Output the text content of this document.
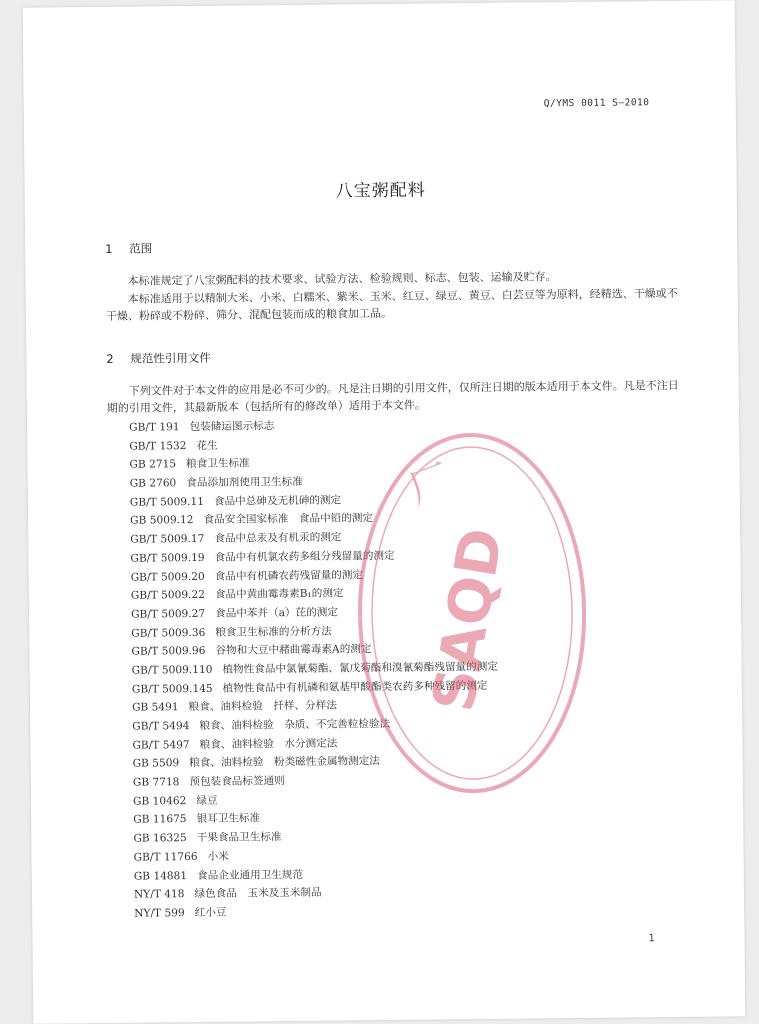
Q/YMS 0011 S—2010
八宝粥配料
1 范围
本标准规定了八宝粥配料的技术要求、试验方法、检验规则、标志、包装、运输及贮存。
本标准适用于以精制大米、小米、白糯米、紫米、玉米、红豆、绿豆、黄豆、白芸豆等为原料，经精选、干燥或不干燥、粉碎或不粉碎、筛分、混配包装而成的粮食加工品。
2 规范性引用文件
下列文件对于本文件的应用是必不可少的。凡是注日期的引用文件，仅所注日期的版本适用于本文件。凡是不注日期的引用文件，其最新版本（包括所有的修改单）适用于本文件。
GB/T 191 包装储运图示标志
GB/T 1532 花生
GB 2715 粮食卫生标准
GB 2760 食品添加剂使用卫生标准
GB/T 5009.11 食品中总砷及无机砷的测定
GB 5009.12 食品安全国家标准　食品中铅的测定
GB/T 5009.17 食品中总汞及有机汞的测定
GB/T 5009.19 食品中有机氯农药多组分残留量的测定
GB/T 5009.20 食品中有机磷农药残留量的测定
GB/T 5009.22 食品中黄曲霉毒素B₁的测定
GB/T 5009.27 食品中苯并（a）芘的测定
GB/T 5009.36 粮食卫生标准的分析方法
GB/T 5009.96 谷物和大豆中赭曲霉毒素A的测定
GB/T 5009.110 植物性食品中氯氰菊酯、氰戊菊酯和溴氰菊酯残留量的测定
GB/T 5009.145 植物性食品中有机磷和氨基甲酸酯类农药多种残留的测定
GB 5491 粮食、油料检验　扦样、分样法
GB/T 5494 粮食、油料检验　杂质、不完善粒检验法
GB/T 5497 粮食、油料检验　水分测定法
GB 5509 粮食、油料检验　粉类磁性金属物测定法
GB 7718 预包装食品标签通则
GB 10462 绿豆
GB 11675 银耳卫生标准
GB 16325 干果食品卫生标准
GB/T 11766 小米
GB 14881 食品企业通用卫生规范
NY/T 418 绿色食品　玉米及玉米制品
NY/T 599 红小豆
1
SAQD
厂
